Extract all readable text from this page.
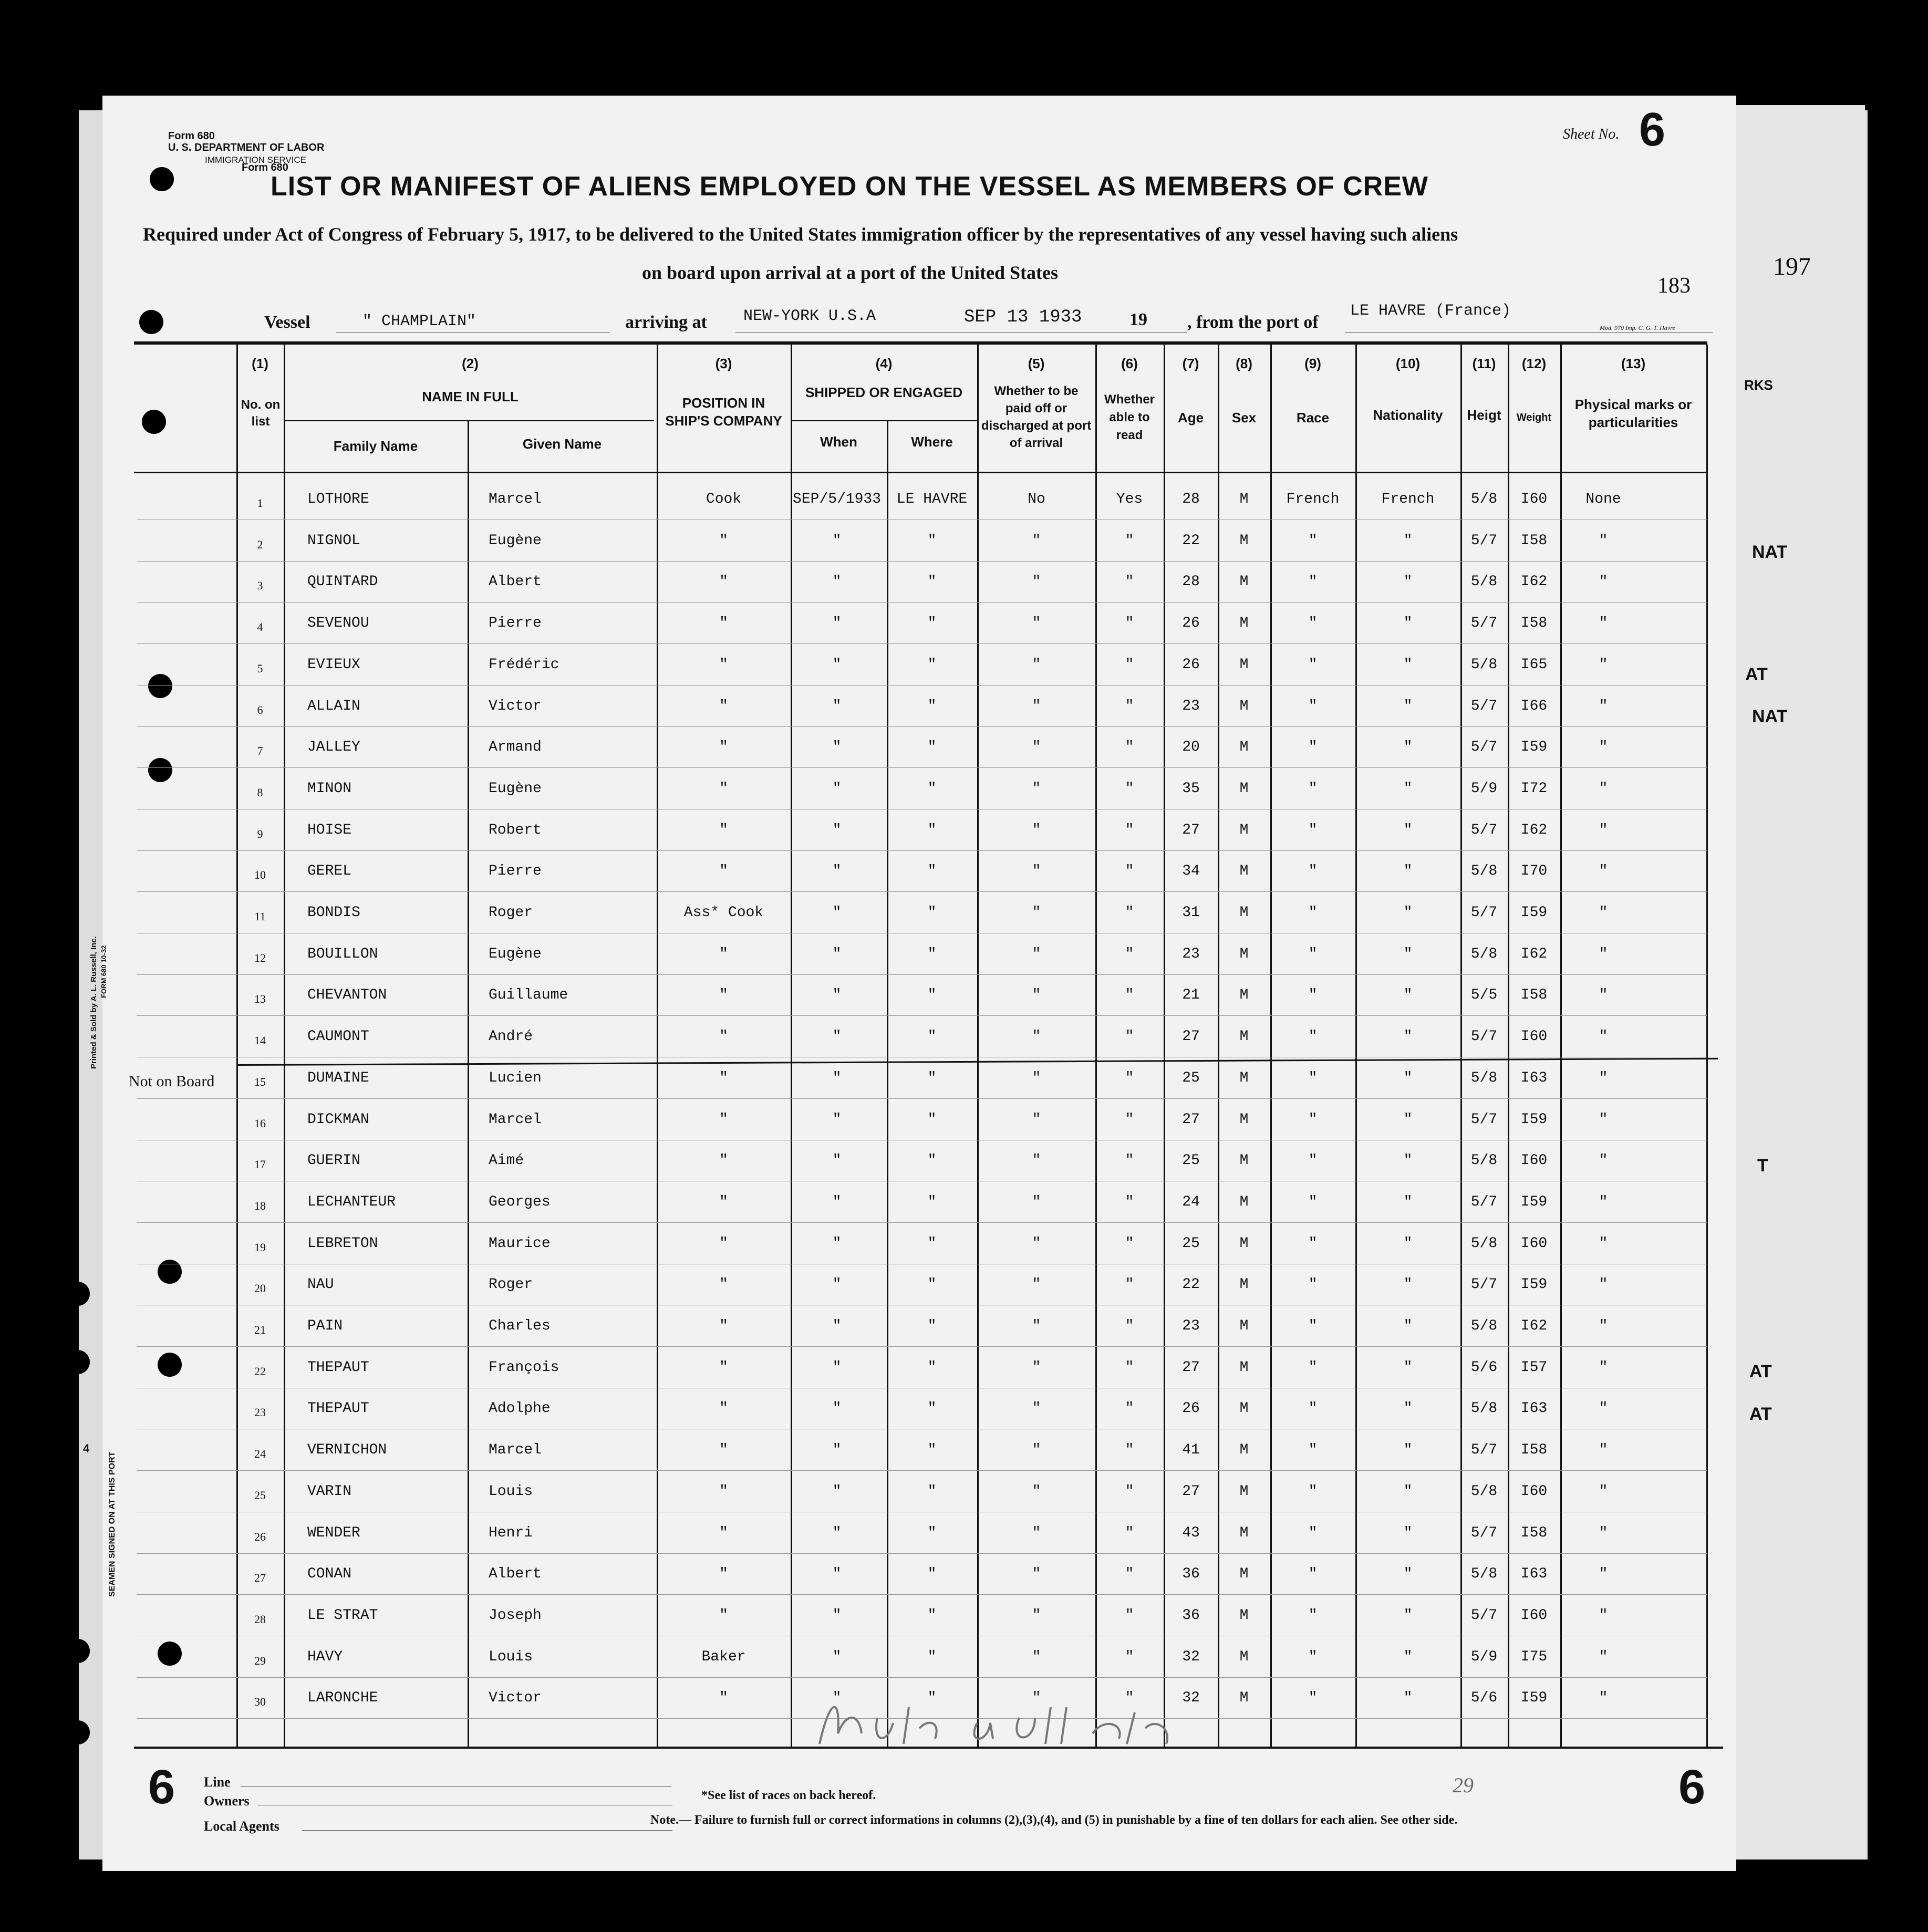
RKS
NAT
AT
NAT
T
AT
AT
197
Form 680
U. S. DEPARTMENT OF LABOR
IMMIGRATION SERVICE
Form 680	Sheet No. 6
LIST OR MANIFEST OF ALIENS EMPLOYED ON THE VESSEL AS MEMBERS OF CREW
Required under Act of Congress of February 5, 1917, to be delivered to the United States immigration officer by the representatives of any vessel having such aliens
on board upon arrival at a port of the United States
183
Vessel	" CHAMPLAIN"	arriving at NEW-YORK U.S.A	SEP 13 1933	19 , from the port of
LE HAVRE (France)
Mod. 970 Imp. C. G. T. Havre
(1)
No. on list
(2)
NAME IN FULL
Family Name	Given Name
(3)
POSITION IN SHIP'S COMPANY
(4)
SHIPPED OR ENGAGED
When	Where
(5)
Whether to be paid off or discharged at port of arrival
(6)
Whether able to read
(7)
Age
(8)
Sex
(9)
Race
(10)
Nationality
(11)
Heigt
(12)
Weight
(13)
Physical marks or particularities
1	LOTHORE	Marcel	Cook	SEP/5/1933	LE HAVRE	No	Yes	28	M	French	French	5/8	I60	None
2	NIGNOL	Eugène	"	"	"	"	"	22	M	"	"	5/7	I58	"
3	QUINTARD	Albert	"	"	"	"	"	28	M	"	"	5/8	I62	"
4	SEVENOU	Pierre	"	"	"	"	"	26	M	"	"	5/7	I58	"
5	EVIEUX	Frédéric	"	"	"	"	"	26	M	"	"	5/8	I65	"
6	ALLAIN	Victor	"	"	"	"	"	23	M	"	"	5/7	I66	"
7	JALLEY	Armand	"	"	"	"	"	20	M	"	"	5/7	I59	"
8	MINON	Eugène	"	"	"	"	"	35	M	"	"	5/9	I72	"
9	HOISE	Robert	"	"	"	"	"	27	M	"	"	5/7	I62	"
10	GEREL	Pierre	"	"	"	"	"	34	M	"	"	5/8	I70	"
11	BONDIS	Roger	Ass* Cook	"	"	"	"	31	M	"	"	5/7	I59	"
12	BOUILLON	Eugène	"	"	"	"	"	23	M	"	"	5/8	I62	"
13	CHEVANTON	Guillaume	"	"	"	"	"	21	M	"	"	5/5	I58	"
14	CAUMONT	André	"	"	"	"	"	27	M	"	"	5/7	I60	"
15	DUMAINE	Lucien	"	"	"	"	"	25	M	"	"	5/8	I63	"
16	DICKMAN	Marcel	"	"	"	"	"	27	M	"	"	5/7	I59	"
17	GUERIN	Aimé	"	"	"	"	"	25	M	"	"	5/8	I60	"
18	LECHANTEUR	Georges	"	"	"	"	"	24	M	"	"	5/7	I59	"
19	LEBRETON	Maurice	"	"	"	"	"	25	M	"	"	5/8	I60	"
20	NAU	Roger	"	"	"	"	"	22	M	"	"	5/7	I59	"
21	PAIN	Charles	"	"	"	"	"	23	M	"	"	5/8	I62	"
22	THEPAUT	François	"	"	"	"	"	27	M	"	"	5/6	I57	"
23	THEPAUT	Adolphe	"	"	"	"	"	26	M	"	"	5/8	I63	"
24	VERNICHON	Marcel	"	"	"	"	"	41	M	"	"	5/7	I58	"
25	VARIN	Louis	"	"	"	"	"	27	M	"	"	5/8	I60	"
26	WENDER	Henri	"	"	"	"	"	43	M	"	"	5/7	I58	"
27	CONAN	Albert	"	"	"	"	"	36	M	"	"	5/8	I63	"
28	LE STRAT	Joseph	"	"	"	"	"	36	M	"	"	5/7	I60	"
29	HAVY	Louis	Baker	"	"	"	"	32	M	"	"	5/9	I75	"
30	LARONCHE	Victor	"	"	"	"	"	32	M	"	"	5/6	I59	"
Not on Board
Printed & Sold by A. L. Russell, Inc. FORM 680 10-32
SEAMEN SIGNED ON AT THIS PORT
4
6	6
Line
Owners
Local Agents
*See list of races on back hereof.
Note.— Failure to furnish full or correct informations in columns (2),(3),(4), and (5) in punishable by a fine of ten dollars for each alien. See other side.
29
